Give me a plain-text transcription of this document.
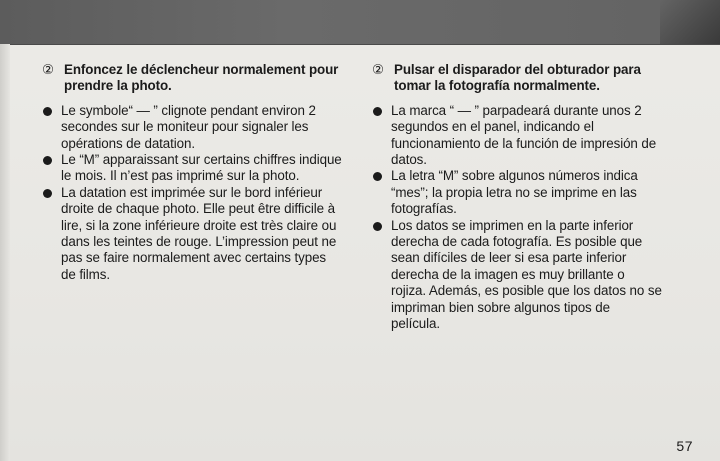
② Enfoncez le déclencheur normalement pour prendre la photo.
Le symbole“ — ” clignote pendant environ 2 secondes sur le moniteur pour signaler les opérations de datation.
Le “M” apparaissant sur certains chiffres indique le mois. Il n’est pas imprimé sur la photo.
La datation est imprimée sur le bord inférieur droite de chaque photo. Elle peut être difficile à lire, si la zone inférieure droite est très claire ou dans les teintes de rouge. L’impression peut ne pas se faire normalement avec certains types de films.
② Pulsar el disparador del obturador para tomar la fotografía normalmente.
La marca “ — ” parpadeará durante unos 2 segundos en el panel, indicando el funcionamiento de la función de impresión de datos.
La letra “M” sobre algunos números indica “mes”; la propia letra no se imprime en las fotografías.
Los datos se imprimen en la parte inferior derecha de cada fotografía. Es posible que sean difíciles de leer si esa parte inferior derecha de la imagen es muy brillante o rojiza. Además, es posible que los datos no se impriman bien sobre algunos tipos de película.
57
